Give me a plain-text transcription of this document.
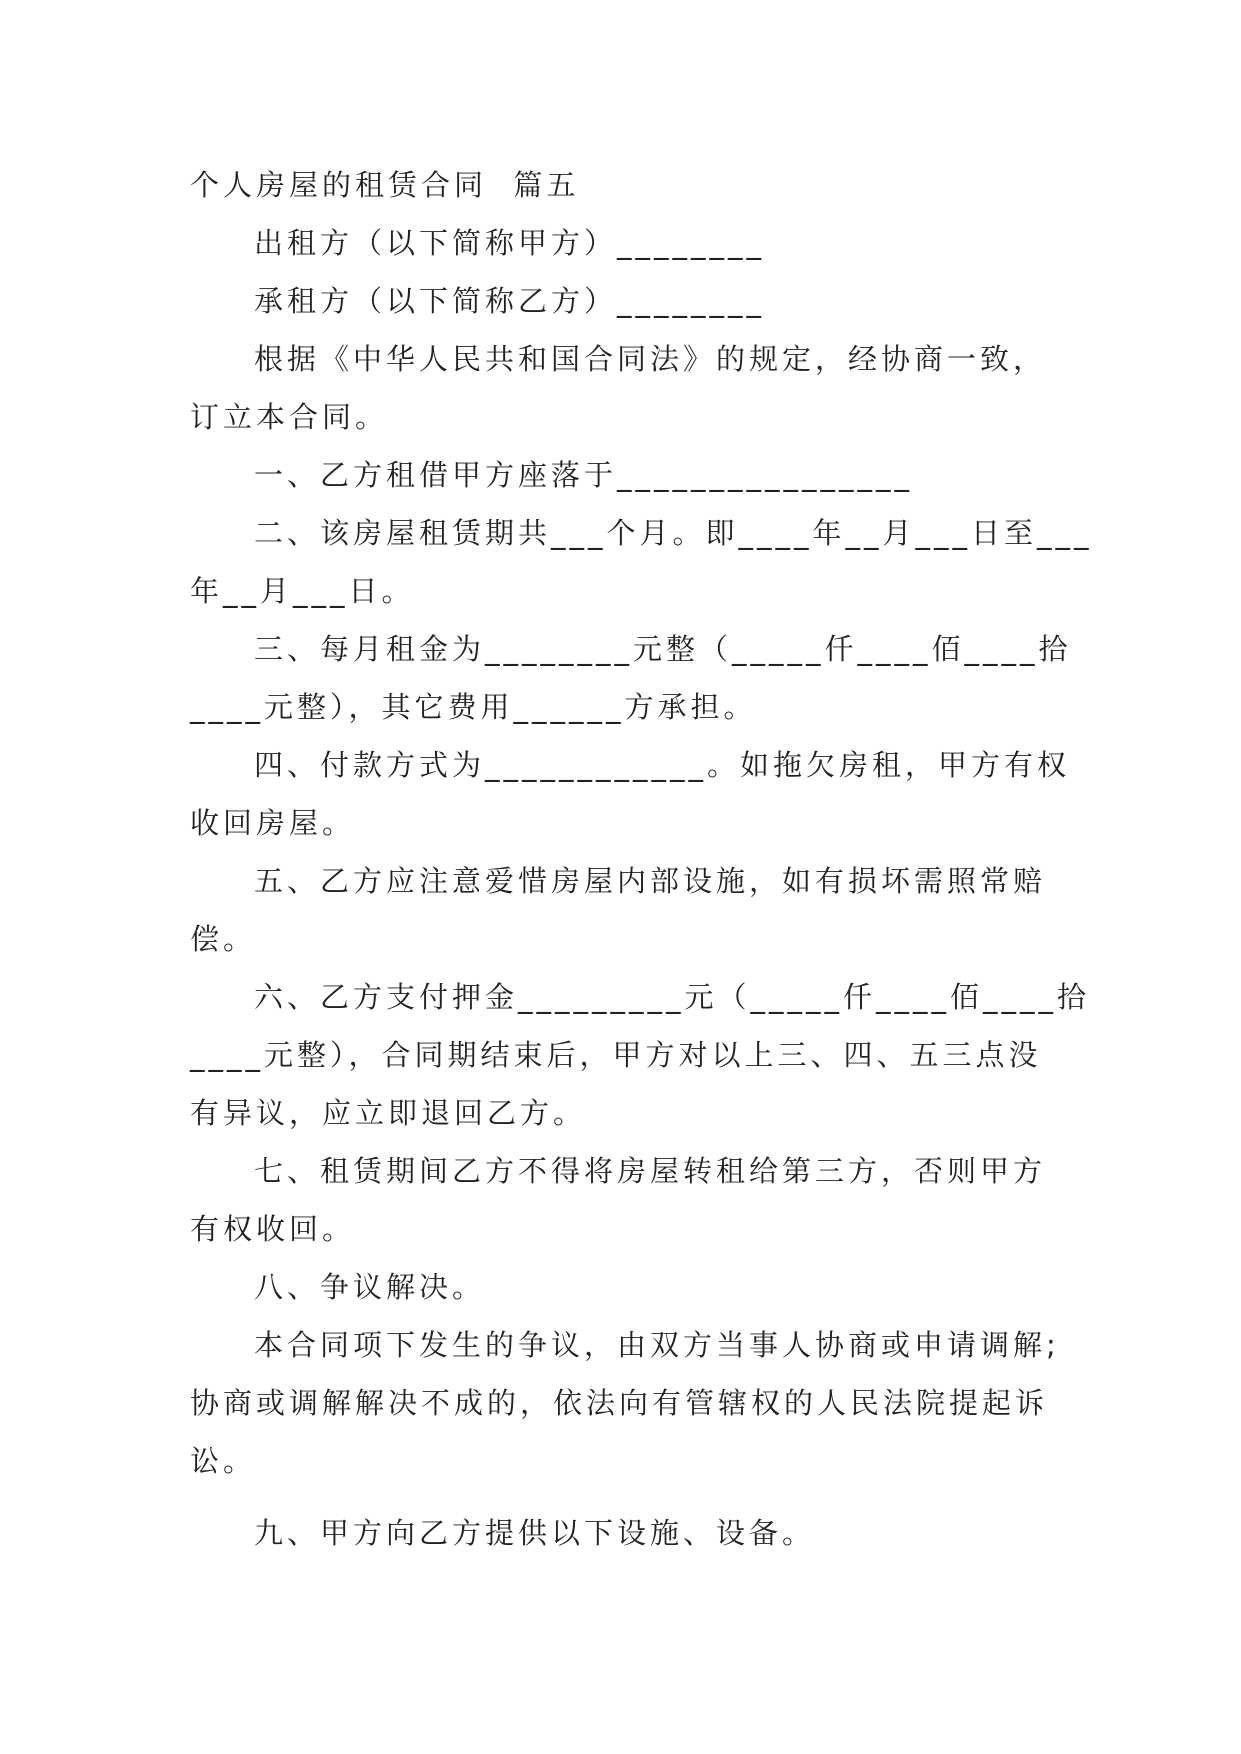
个人房屋的租赁合同  篇五
出租方（以下简称甲方）________
承租方（以下简称乙方）________
根据《中华人民共和国合同法》的规定，经协商一致，
订立本合同。
一、乙方租借甲方座落于________________
二、该房屋租赁期共___个月。即____年__月___日至___
年__月___日。
三、每月租金为________元整（_____仟____佰____拾
____元整），其它费用______方承担。
四、付款方式为____________。如拖欠房租，甲方有权
收回房屋。
五、乙方应注意爱惜房屋内部设施，如有损坏需照常赔
偿。
六、乙方支付押金_________元（_____仟____佰____拾
____元整），合同期结束后，甲方对以上三、四、五三点没
有异议，应立即退回乙方。
七、租赁期间乙方不得将房屋转租给第三方，否则甲方
有权收回。
八、争议解决。
本合同项下发生的争议，由双方当事人协商或申请调解;
协商或调解解决不成的，依法向有管辖权的人民法院提起诉
讼。
九、甲方向乙方提供以下设施、设备。
